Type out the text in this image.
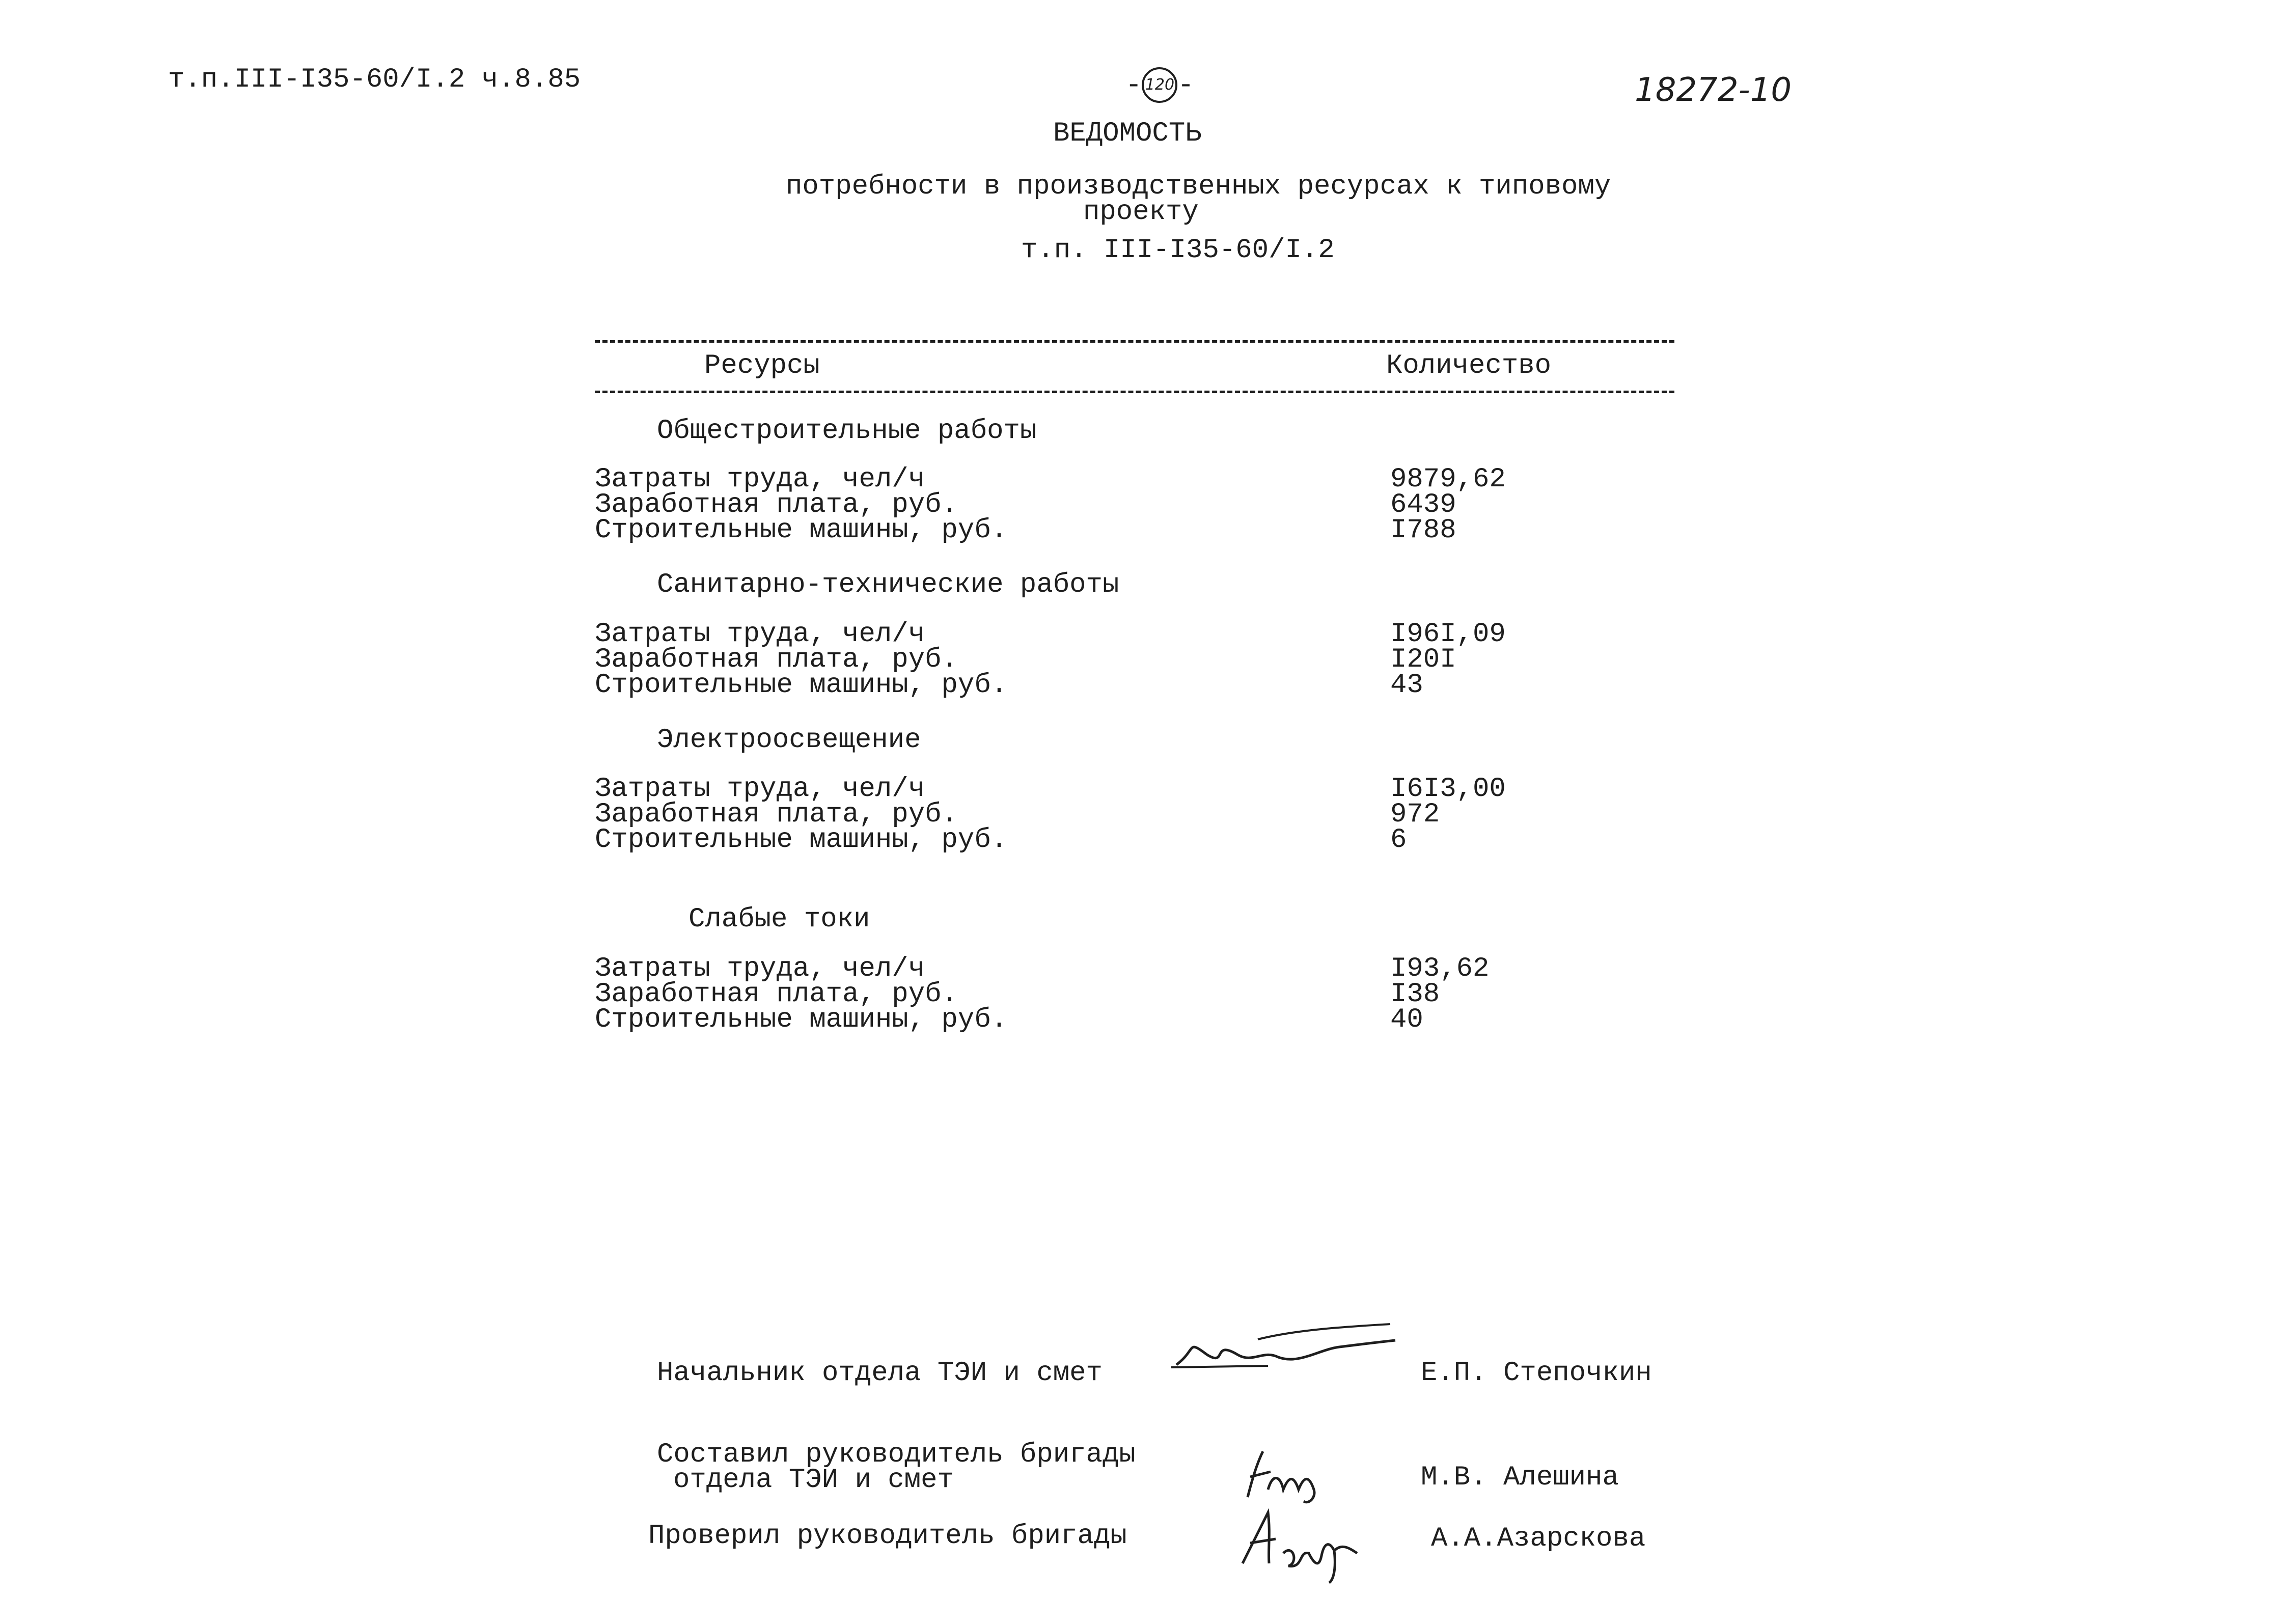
т.п.III-I35-60/I.2 ч.8.85	- 120 -	18272-10
ВЕДОМОСТЬ
потребности в производственных ресурсах к типовому
проекту
т.п. III-I35-60/I.2
Ресурсы	Количество
Общестроительные работы
Затраты труда, чел/ч	9879,62
Заработная плата, руб.	6439
Строительные машины, руб.	I788
Санитарно-технические работы
Затраты труда, чел/ч	I96I,09
Заработная плата, руб.	I20I
Строительные машины, руб.	43
Электроосвещение
Затраты труда, чел/ч	I6I3,00
Заработная плата, руб.	972
Строительные машины, руб.	6
Слабые токи
Затраты труда, чел/ч	I93,62
Заработная плата, руб.	I38
Строительные машины, руб.	40
Начальник отдела ТЭИ и смет	Е.П. Степочкин
Составил руководитель бригады
отдела ТЭИ и смет	М.В. Алешина
Проверил руководитель бригады	А.А.Азарскова
